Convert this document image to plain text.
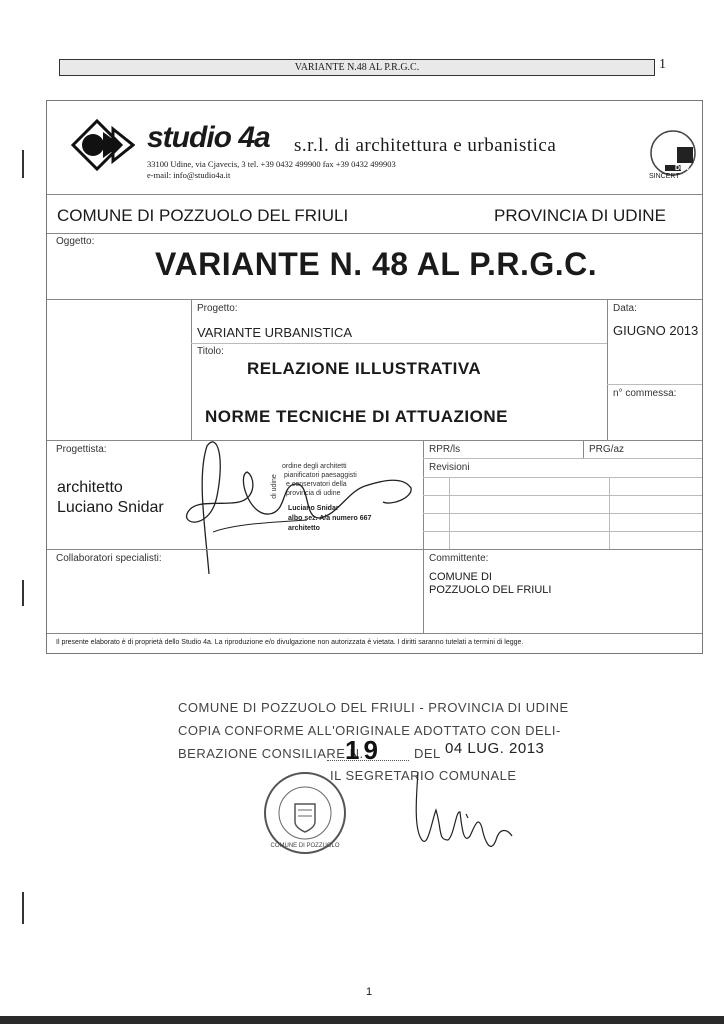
VARIANTE N.48 AL P.R.G.C.	1
studio 4a s.r.l. di architettura e urbanistica
33100 Udine, via Cjavecis, 3 tel. +39 0432 499900 fax +39 0432 499903
e-mail: info@studio4a.it	SINCERT
DNV
COMUNE DI POZZUOLO DEL FRIULI	PROVINCIA DI UDINE
Oggetto:
VARIANTE N. 48 AL P.R.G.C.
Progetto:
VARIANTE URBANISTICA
Data:
GIUGNO 2013
Titolo:
RELAZIONE ILLUSTRATIVA
NORME TECNICHE DI ATTUAZIONE
n° commessa:
Progettista:
architetto
Luciano Snidar
RPR/ls	PRG/az
Revisioni
ordine degli architetti
pianificatori paesaggisti
e conservatori della
provincia di udine
Luciano Snidar
albo sez. A/a numero 667
architetto
di udine
Collaboratori specialisti:	Committente:
COMUNE DI
POZZUOLO DEL FRIULI
Il presente elaborato è di proprietà dello Studio 4a. La riproduzione e/o divulgazione non autorizzata è vietata. I diritti saranno tutelati a termini di legge.
COMUNE DI POZZUOLO DEL FRIULI - PROVINCIA DI UDINE
COPIA CONFORME ALL'ORIGINALE ADOTTATO CON DELI-
BERAZIONE CONSILIARE N.
19 DEL 04 LUG. 2013
IL SEGRETARIO COMUNALE
COMUNE DI POZZUOLO
1
